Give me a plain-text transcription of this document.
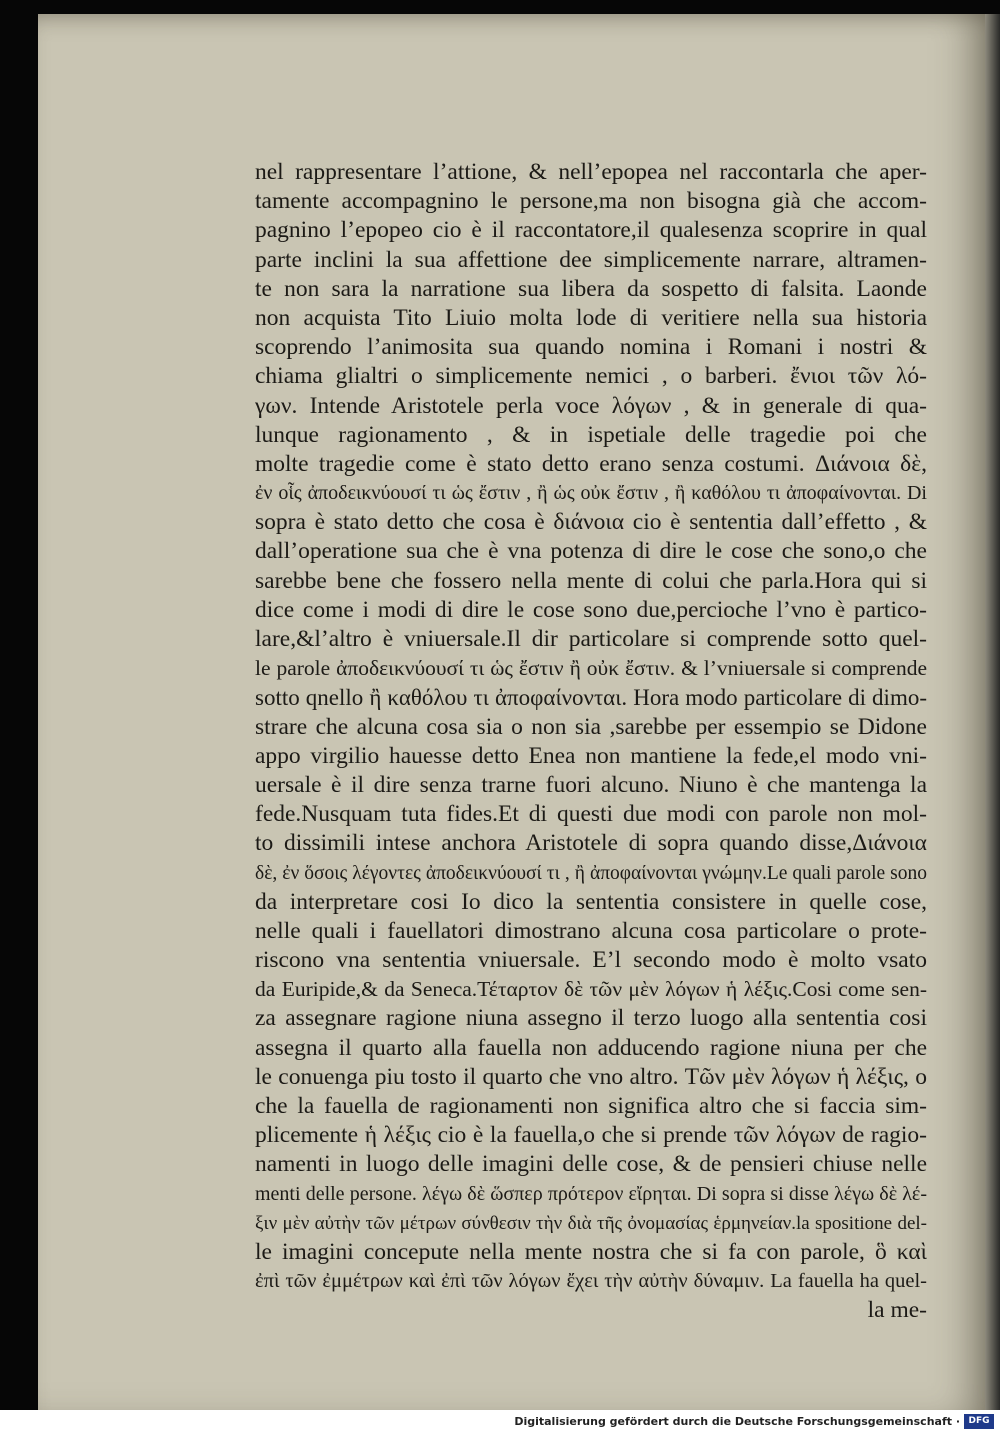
nel rappresentare l’attione, & nell’epopea nel raccontarla che aper-
tamente accompagnino le persone,ma non bisogna già che accom-
pagnino l’epopeo cio è il raccontatore,il qualesenza scoprire in qual
parte inclini la sua affettione dee simplicemente narrare, altramen-
te non sara la narratione sua libera da sospetto di falsita. Laonde
non acquista Tito Liuio molta lode di veritiere nella sua historia
scoprendo l’animosita sua quando nomina i Romani i nostri &
chiama glialtri o simplicemente nemici , o barberi. ἔνιοι τῶν λό-
γων. Intende Aristotele perla voce λόγων , & in generale di qua-
lunque ragionamento , & in ispetiale delle tragedie poi che
molte tragedie come è stato detto erano senza costumi. Διάνοια δὲ,
ἐν οἷς ἀποδεικνύουσί τι ὡς ἔστιν , ἢ ὡς οὐκ ἔστιν , ἢ καθόλου τι ἀποφαίνονται. Di
sopra è stato detto che cosa è διάνοια cio è sententia dall’effetto , &
dall’operatione sua che è vna potenza di dire le cose che sono,o che
sarebbe bene che fossero nella mente di colui che parla.Hora qui si
dice come i modi di dire le cose sono due,percioche l’vno è partico-
lare,&l’altro è vniuersale.Il dir particolare si comprende sotto quel-
le parole ἀποδεικνύουσί τι ὡς ἔστιν ἢ οὐκ ἔστιν. & l’vniuersale si comprende
sotto qnello ἢ καθόλου τι ἀποφαίνονται. Hora modo particolare di dimo-
strare che alcuna cosa sia o non sia ,sarebbe per essempio se Didone
appo virgilio hauesse detto Enea non mantiene la fede,el modo vni-
uersale è il dire senza trarne fuori alcuno. Niuno è che mantenga la
fede.Nusquam tuta fides.Et di questi due modi con parole non mol-
to dissimili intese anchora Aristotele di sopra quando disse,Διάνοια
δὲ, ἐν ὅσοις λέγοντες ἀποδεικνύουσί τι , ἢ ἀποφαίνονται γνώμην.Le quali parole sono
da interpretare cosi Io dico la sententia consistere in quelle cose,
nelle quali i fauellatori dimostrano alcuna cosa particolare o prote-
riscono vna sententia vniuersale. E’l secondo modo è molto vsato
da Euripide,& da Seneca.Τέταρτον δὲ τῶν μὲν λόγων ἡ λέξις.Cosi come sen-
za assegnare ragione niuna assegno il terzo luogo alla sententia cosi
assegna il quarto alla fauella non adducendo ragione niuna per che
le conuenga piu tosto il quarto che vno altro. Τῶν μὲν λόγων ἡ λέξις, o
che la fauella de ragionamenti non significa altro che si faccia sim-
plicemente ἡ λέξις cio è la fauella,o che si prende τῶν λόγων de ragio-
namenti in luogo delle imagini delle cose, & de pensieri chiuse nelle
menti delle persone. λέγω δὲ ὥσπερ πρότερον εἴρηται. Di sopra si disse λέγω δὲ λέ-
ξιν μὲν αὐτὴν τῶν μέτρων σύνθεσιν τὴν διὰ τῆς ὀνομασίας ἑρμηνείαν.la spositione del-
le imagini concepute nella mente nostra che si fa con parole, ὃ καὶ
ἐπὶ τῶν ἐμμέτρων καὶ ἐπὶ τῶν λόγων ἔχει τὴν αὐτὴν δύναμιν. La fauella ha quel-
la me-
Digitalisierung gefördert durch die Deutsche Forschungsgemeinschaft · DFG
